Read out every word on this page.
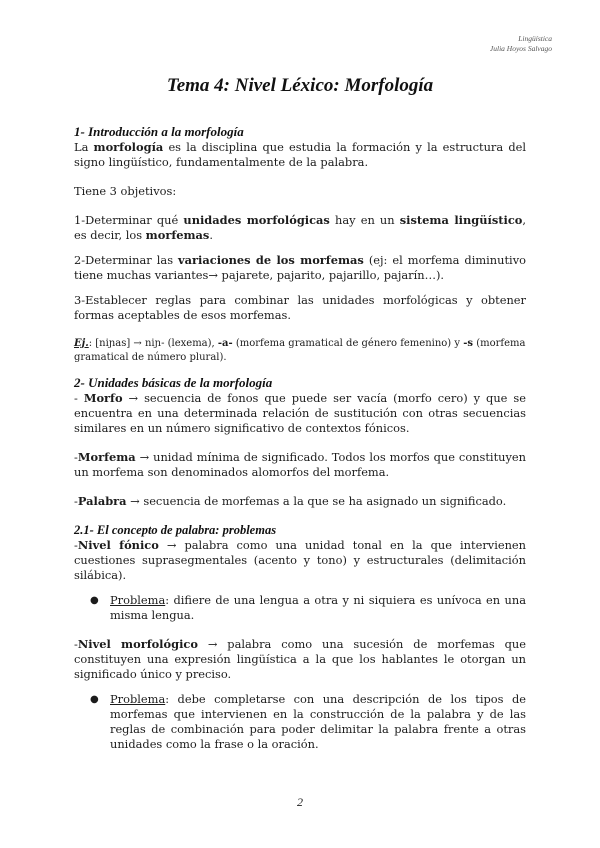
Lingüística
Julia Hoyos Salvago
Tema 4: Nivel Léxico: Morfología
1- Introducción a la morfología

La morfología es la disciplina que estudia la formación y la estructura del signo lingüístico, fundamentalmente de la palabra.

Tiene 3 objetivos:

1-Determinar qué unidades morfológicas hay en un sistema lingüístico, es decir, los morfemas.

2-Determinar las variaciones de los morfemas (ej: el morfema diminutivo tiene muchas variantes→ pajarete, pajarito, pajarillo, pajarín…).

3-Establecer reglas para combinar las unidades morfológicas y obtener formas aceptables de esos morfemas.

Ej.: [niɲas] → niɲ- (lexema), -a- (morfema gramatical de género femenino) y -s (morfema gramatical de número plural).

2- Unidades básicas de la morfología

- Morfo → secuencia de fonos que puede ser vacía (morfo cero) y que se encuentra en una determinada relación de sustitución con otras secuencias similares en un número significativo de contextos fónicos.

-Morfema → unidad mínima de significado. Todos los morfos que constituyen un morfema son denominados alomorfos del morfema.

-Palabra → secuencia de morfemas a la que se ha asignado un significado.

2.1- El concepto de palabra: problemas

-Nivel fónico → palabra como una unidad tonal en la que intervienen cuestiones suprasegmentales (acento y tono) y estructurales (delimitación silábica).

● Problema: difiere de una lengua a otra y ni siquiera es unívoca en una misma lengua.

-Nivel morfológico → palabra como una sucesión de morfemas que constituyen una expresión lingüística a la que los hablantes le otorgan un significado único y preciso.

● Problema: debe completarse con una descripción de los tipos de morfemas que intervienen en la construcción de la palabra y de las reglas de combinación para poder delimitar la palabra frente a otras unidades como la frase o la oración.
2
